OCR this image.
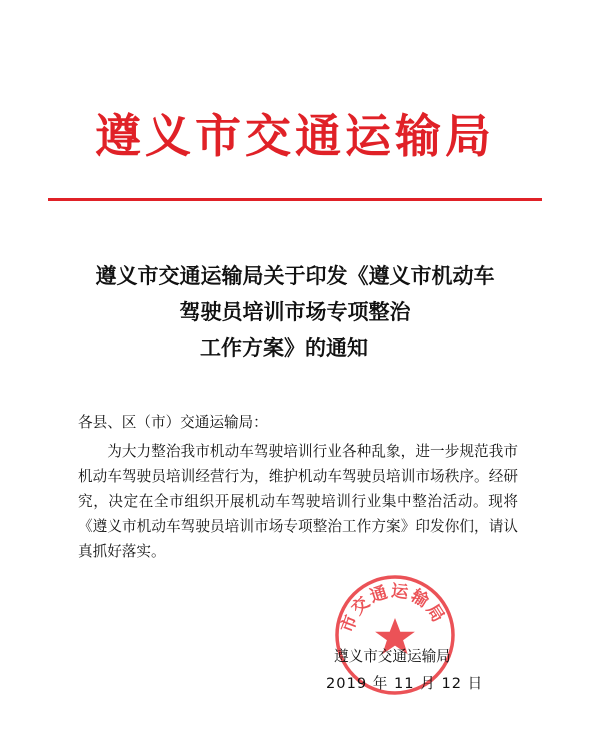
遵义市交通运输局
遵义市交通运输局关于印发《遵义市机动车
驾驶员培训市场专项整治
工作方案》的通知
各县、区（市）交通运输局：
为大力整治我市机动车驾驶培训行业各种乱象，进一步规范我市机动车驾驶员培训经营行为，维护机动车驾驶员培训市场秩序。经研究，决定在全市组织开展机动车驾驶培训行业集中整治活动。现将《遵义市机动车驾驶员培训市场专项整治工作方案》印发你们，请认真抓好落实。
市交通运输局
遵义市交通运输局
2019 年 11 月 12 日
